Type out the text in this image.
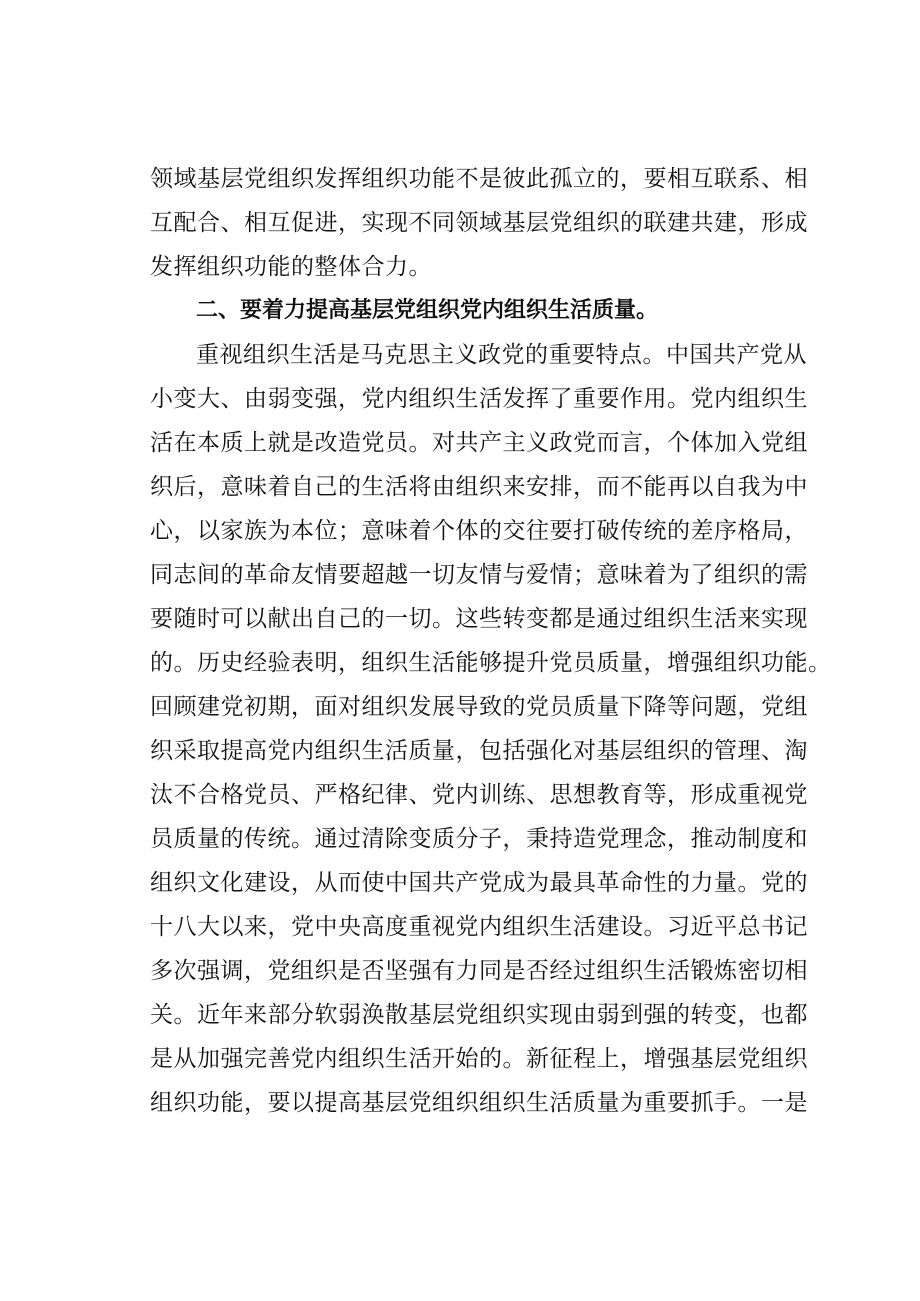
领域基层党组织发挥组织功能不是彼此孤立的，要相互联系、相
互配合、相互促进，实现不同领域基层党组织的联建共建，形成
发挥组织功能的整体合力。
二、要着力提高基层党组织党内组织生活质量。
重视组织生活是马克思主义政党的重要特点。中国共产党从
小变大、由弱变强，党内组织生活发挥了重要作用。党内组织生
活在本质上就是改造党员。对共产主义政党而言，个体加入党组
织后，意味着自己的生活将由组织来安排，而不能再以自我为中
心，以家族为本位；意味着个体的交往要打破传统的差序格局，
同志间的革命友情要超越一切友情与爱情；意味着为了组织的需
要随时可以献出自己的一切。这些转变都是通过组织生活来实现
的。历史经验表明，组织生活能够提升党员质量，增强组织功能。
回顾建党初期，面对组织发展导致的党员质量下降等问题，党组
织采取提高党内组织生活质量，包括强化对基层组织的管理、淘
汰不合格党员、严格纪律、党内训练、思想教育等，形成重视党
员质量的传统。通过清除变质分子，秉持造党理念，推动制度和
组织文化建设，从而使中国共产党成为最具革命性的力量。党的
十八大以来，党中央高度重视党内组织生活建设。习近平总书记
多次强调，党组织是否坚强有力同是否经过组织生活锻炼密切相
关。近年来部分软弱涣散基层党组织实现由弱到强的转变，也都
是从加强完善党内组织生活开始的。新征程上，增强基层党组织
组织功能，要以提高基层党组织组织生活质量为重要抓手。一是
